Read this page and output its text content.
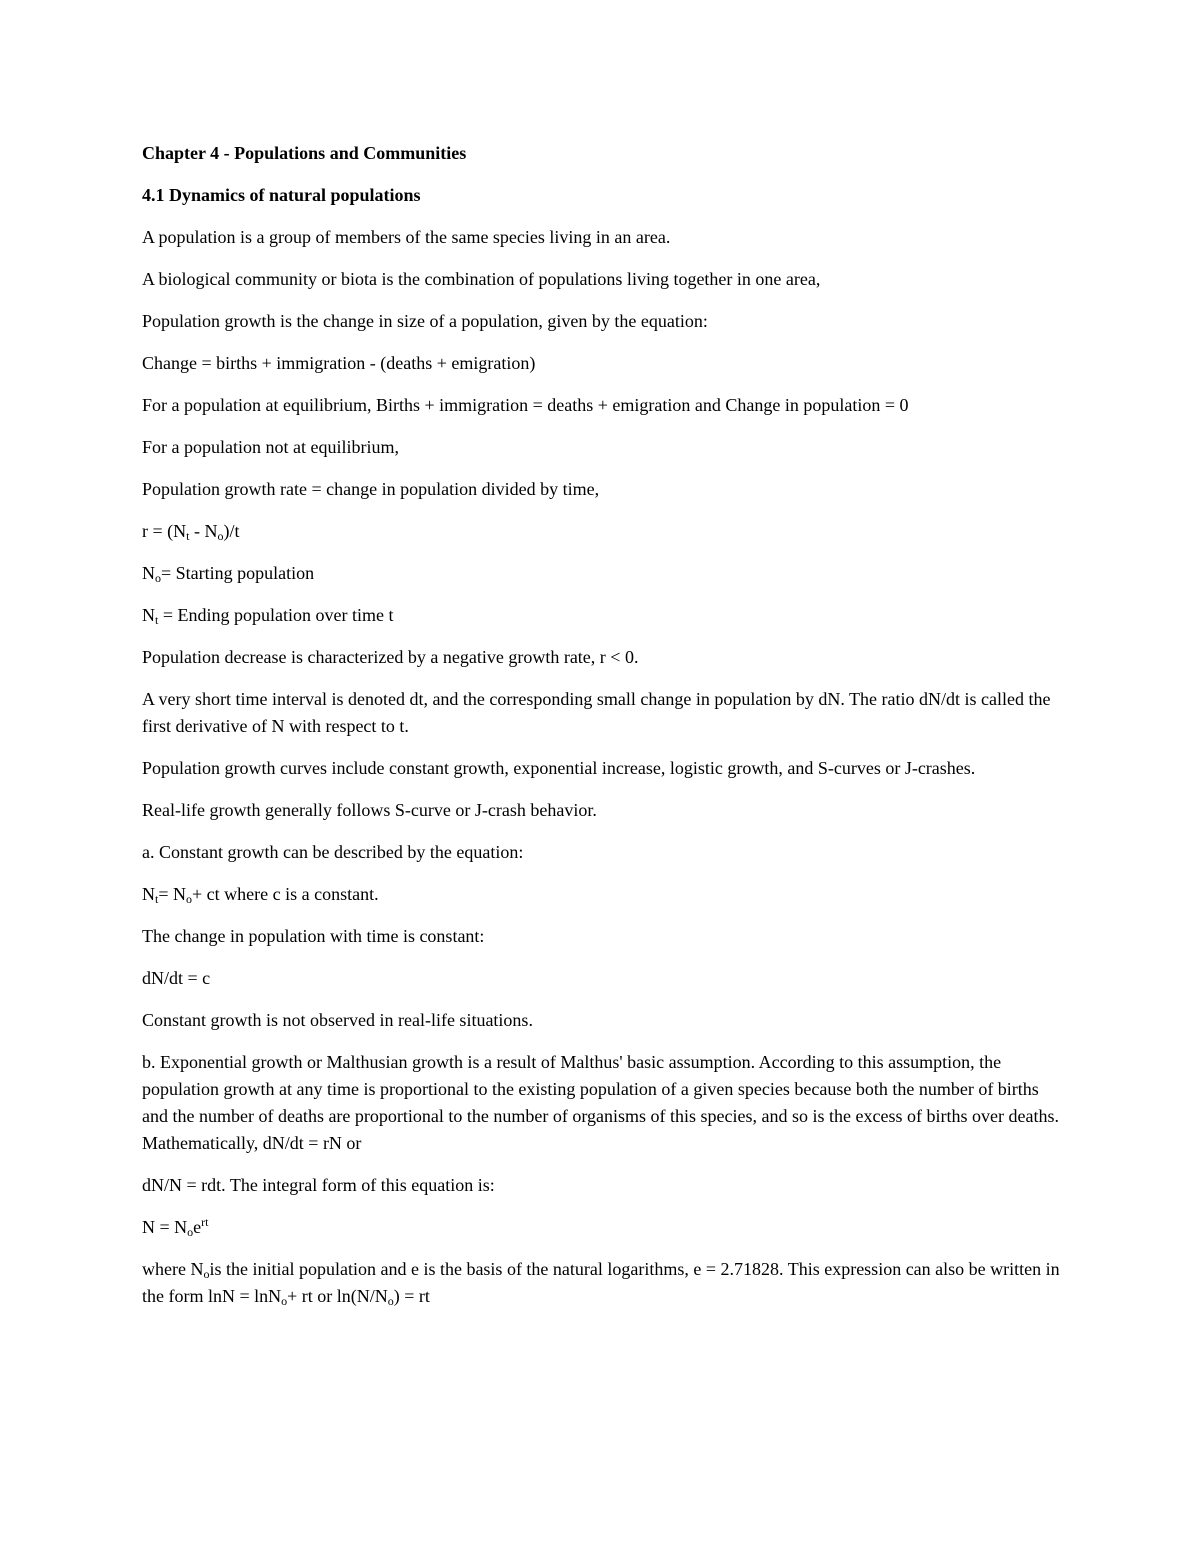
Chapter 4 - Populations and Communities
4.1 Dynamics of natural populations

A population is a group of members of the same species living in an area.

A biological community or biota is the combination of populations living together in one area,

Population growth is the change in size of a population, given by the equation:

Change = births + immigration - (deaths + emigration)

For a population at equilibrium, Births + immigration = deaths + emigration and Change in population = 0

For a population not at equilibrium,

Population growth rate = change in population divided by time,

$r = (N_t - N_o)/t$

$N_o=$ Starting population

$N_t$ = Ending population over time t

Population decrease is characterized by a negative growth rate, r < 0.

A very short time interval is denoted dt, and the corresponding small change in population by dN. The ratio dN/dt is called the first derivative of N with respect to t.

Population growth curves include constant growth, exponential increase, logistic growth, and S-curves or J-crashes.

Real-life growth generally follows S-curve or J-crash behavior.

a. Constant growth can be described by the equation:

$N_t= N_o+$ ct where c is a constant.

The change in population with time is constant:

dN/dt = c

Constant growth is not observed in real-life situations.

b. Exponential growth or Malthusian growth is a result of Malthus' basic assumption. According to this assumption, the population growth at any time is proportional to the existing population of a given species because both the number of births and the number of deaths are proportional to the number of organisms of this species, and so is the excess of births over deaths. Mathematically, dN/dt = rN or

dN/N = rdt. The integral form of this equation is:

$N = N_oe^{rt}$

where $N_ois$ the initial population and e is the basis of the natural logarithms, e = 2.71828. This expression can also be written in the form lnN = lnN$_o$+ rt or $\ln(N/N_o)$ = rt
